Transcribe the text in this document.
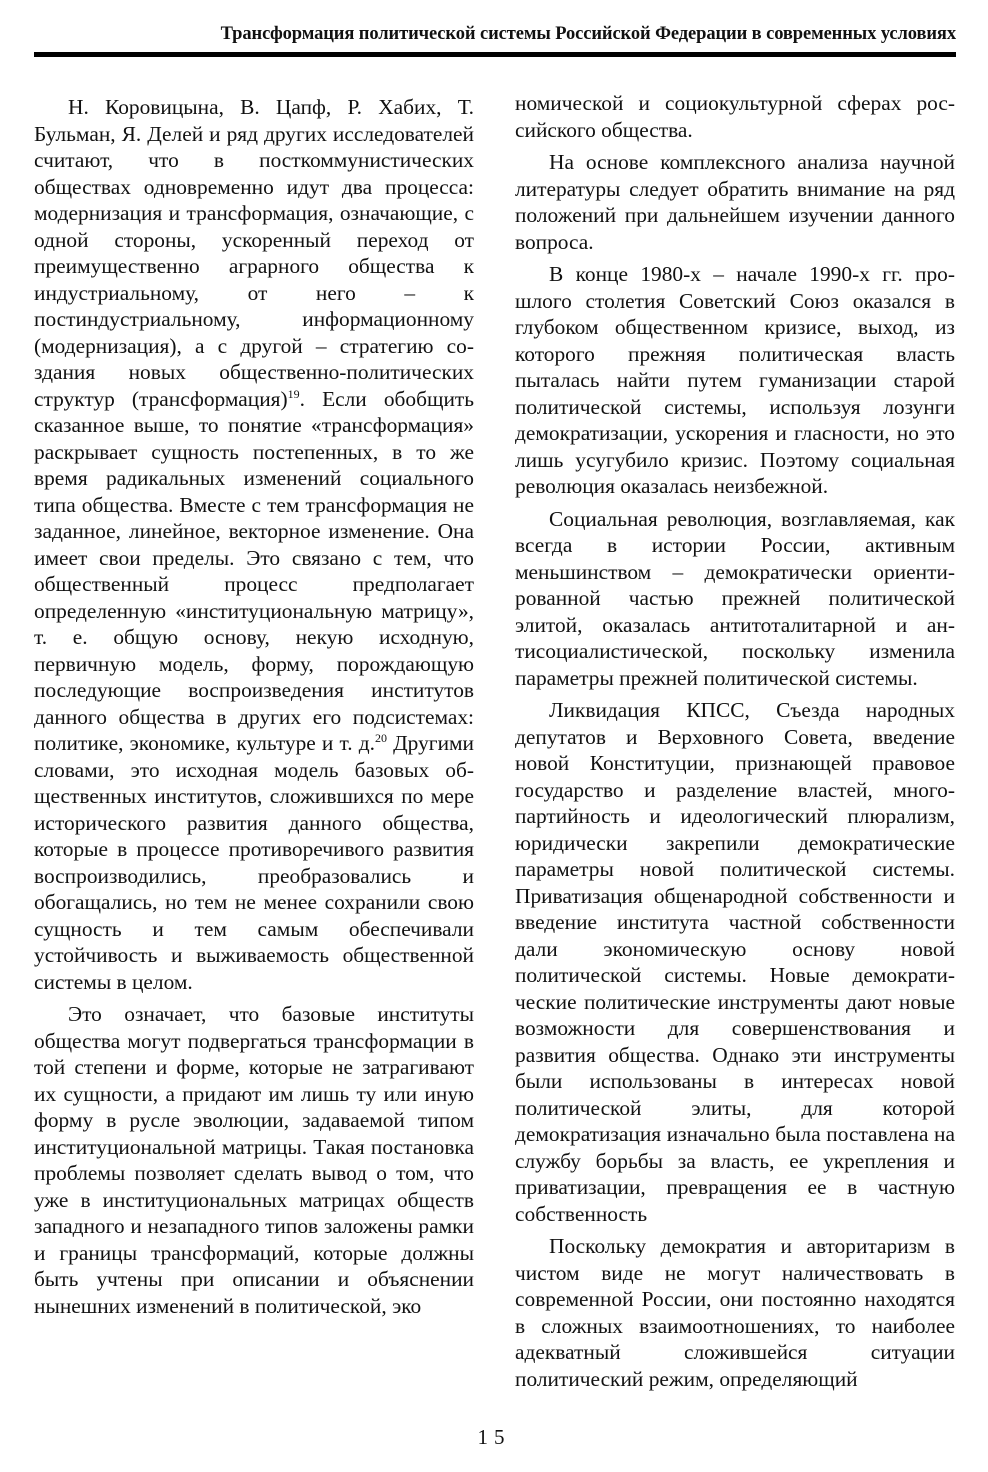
Трансформация политической системы Российской Федерации в современных условиях

Н. Коровицына, В. Цапф, Р. Хабих, Т. Бульман, Я. Делей и ряд других исследователей считают, что в посткоммунистических обществах одновременно идут два процесса: модернизация и трансформация, означающие, с одной стороны, ускоренный переход от преимущественно аграрного общества к индустриальному, от него – к постиндустриальному, информационному (модернизация), а с другой – стратегию создания новых общественно-политических структур (трансформация)$^{19}$. Если обобщить сказанное выше, то понятие «трансформация» раскрывает сущность постепенных, в то же время радикальных изменений социального типа общества. Вместе с тем трансформация не заданное, линейное, векторное изменение. Она имеет свои пределы. Это связано с тем, что общественный процесс предполагает определенную «институциональную матрицу», т. е. общую основу, некую исходную, первичную модель, форму, порождающую последующие воспроизведения институтов данного общества в других его подсистемах: политике, экономике, культуре и т. д.$^{20}$ Другими словами, это исходная модель базовых общественных институтов, сложившихся по мере исторического развития данного общества, которые в процессе противоречивого развития воспроизводились, преобразовались и обогащались, но тем не менее сохранили свою сущность и тем самым обеспечивали устойчивость и выживаемость общественной системы в целом.

Это означает, что базовые институты общества могут подвергаться трансформации в той степени и форме, которые не затрагивают их сущности, а придают им лишь ту или иную форму в русле эволюции, задаваемой типом институциональной матрицы. Такая постановка проблемы позволяет сделать вывод о том, что уже в институциональных матрицах обществ западного и незападного типов заложены рамки и границы трансформаций, которые должны быть учтены при описании и объяснении нынешних изменений в политической, эко

номической и социокультурной сферах российского общества.

На основе комплексного анализа научной литературы следует обратить внимание на ряд положений при дальнейшем изучении данного вопроса.

В конце 1980-х – начале 1990-х гг. прошлого столетия Советский Союз оказался в глубоком общественном кризисе, выход, из которого прежняя политическая власть пыталась найти путем гуманизации старой политической системы, используя лозунги демократизации, ускорения и гласности, но это лишь усугубило кризис. Поэтому социальная революция оказалась неизбежной.

Социальная революция, возглавляемая, как всегда в истории России, активным меньшинством – демократически ориентированной частью прежней политической элитой, оказалась антитоталитарной и антисоциалистической, поскольку изменила параметры прежней политической системы.

Ликвидация КПСС, Съезда народных депутатов и Верховного Совета, введение новой Конституции, признающей правовое государство и разделение властей, многопартийность и идеологический плюрализм, юридически закрепили демократические параметры новой политической системы. Приватизация общенародной собственности и введение института частной собственности дали экономическую основу новой политической системы. Новые демократические политические инструменты дают новые возможности для совершенствования и развития общества. Однако эти инструменты были использованы в интересах новой политической элиты, для которой демократизация изначально была поставлена на службу борьбы за власть, ее укрепления и приватизации, превращения ее в частную собственность

Поскольку демократия и авторитаризм в чистом виде не могут наличествовать в современной России, они постоянно находятся в сложных взаимоотношениях, то наиболее адекватный сложившейся ситуации политический режим, определяющий

15
